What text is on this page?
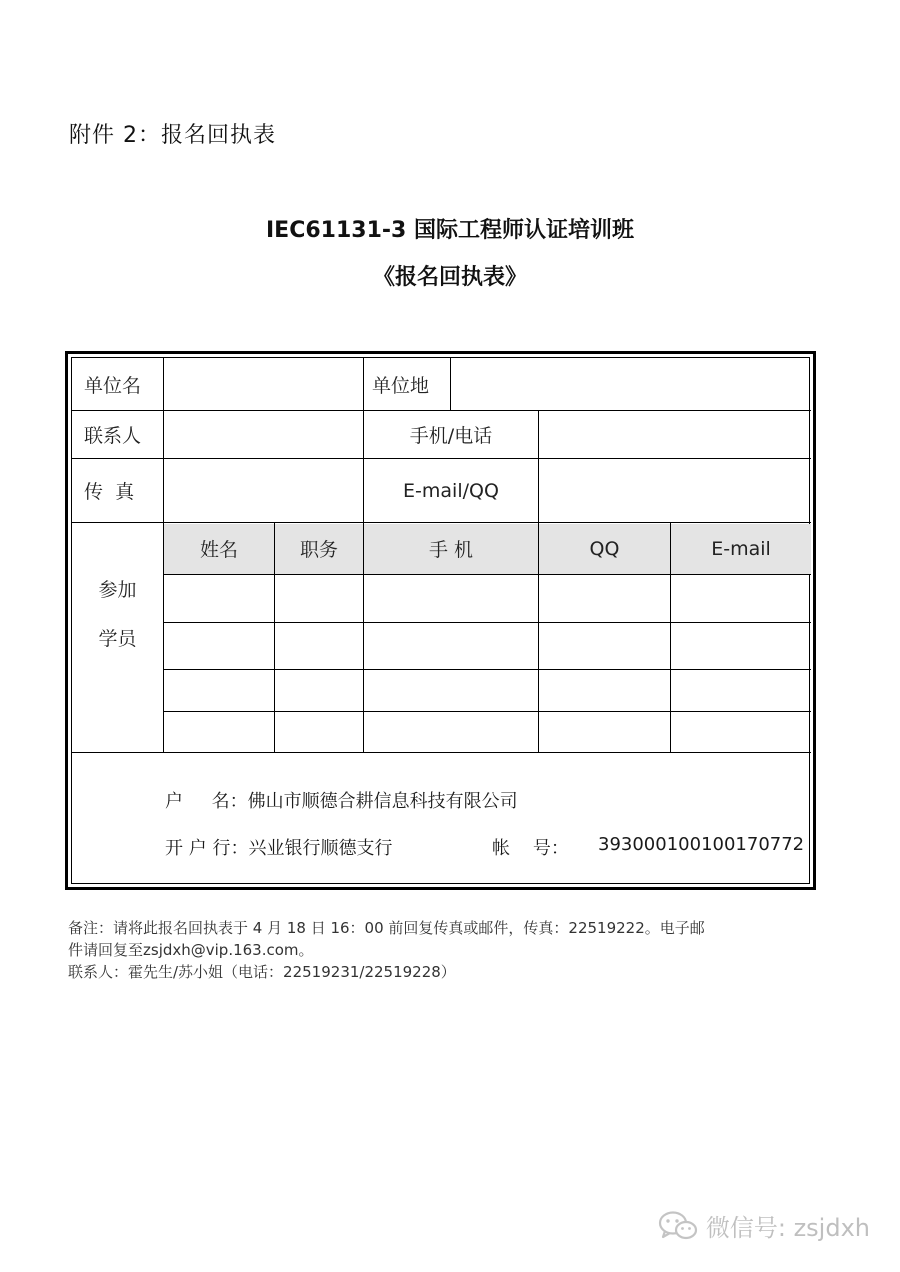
附件 2：报名回执表
IEC61131-3 国际工程师认证培训班
《报名回执表》
单位名	单位地
联系人	手机/电话
传  真	E-mail/QQ
参加
学员
姓名	职务	手 机	QQ	E-mail
户     名：佛山市顺德合耕信息科技有限公司
开 户 行：兴业银行顺德支行	帐    号： 393000100100170772
备注：请将此报名回执表于 4 月 18 日 16：00 前回复传真或邮件，传真：22519222。电子邮
件请回复至zsjdxh@vip.163.com。
联系人：霍先生/苏小姐（电话：22519231/22519228）
微信号: zsjdxh
